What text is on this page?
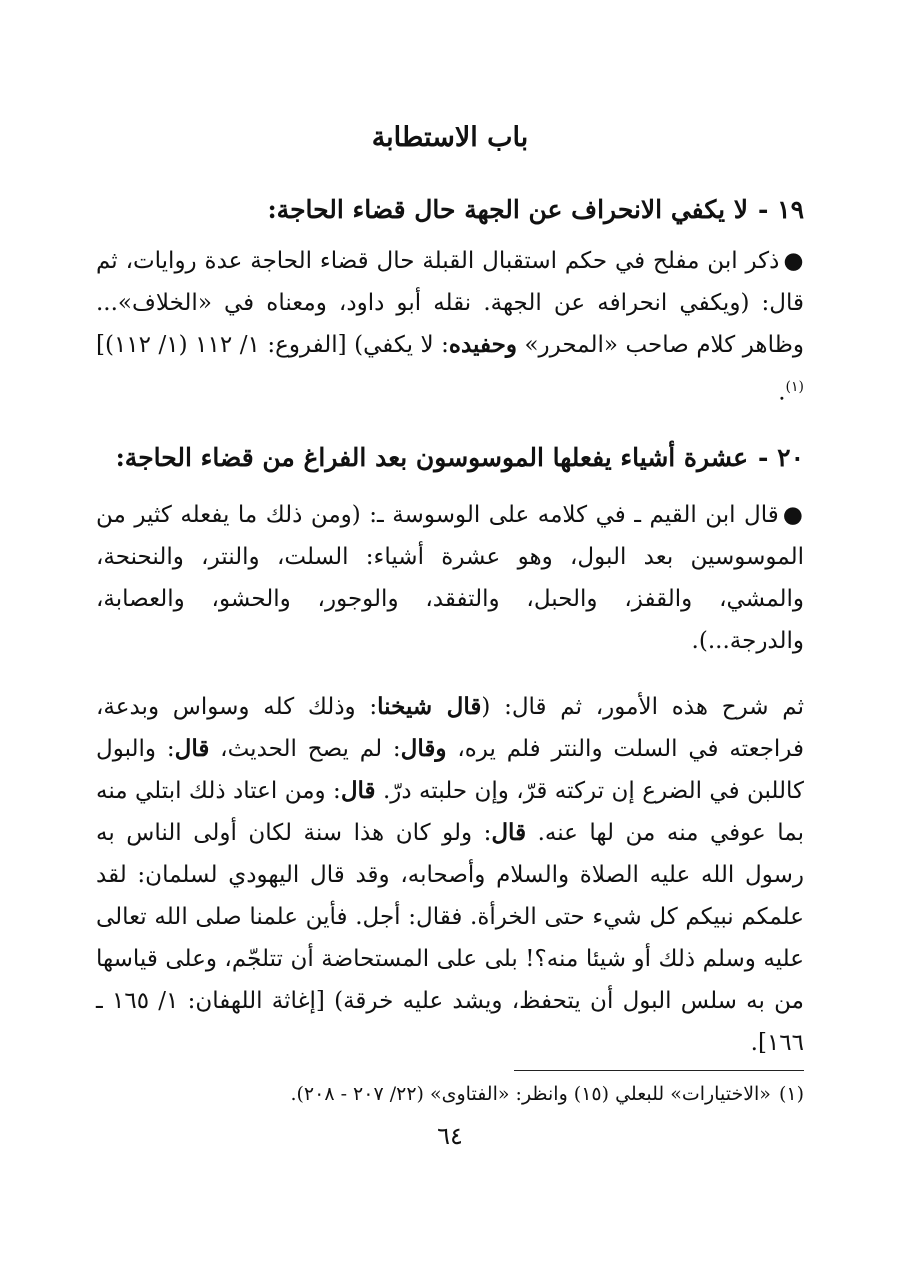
باب الاستطابة
١٩ -لا يكفي الانحراف عن الجهة حال قضاء الحاجة:

●ذكر ابن مفلح في حكم استقبال القبلة حال قضاء الحاجة عدة روايات، ثم قال: (ويكفي انحرافه عن الجهة. نقله أبو داود، ومعناه في «الخلاف»... وظاهر كلام صاحب «المحرر» وحفيده: لا يكفي) [الفروع: ١/ ١١٢ (١/ ١١٢)]$^{(١)}$.

٢٠ -عشرة أشياء يفعلها الموسوسون بعد الفراغ من قضاء الحاجة:

●قال ابن القيم ـ في كلامه على الوسوسة ـ: (ومن ذلك ما يفعله كثير من الموسوسين بعد البول، وهو عشرة أشياء: السلت، والنتر، والنحنحة، والمشي، والقفز، والحبل، والتفقد، والوجور، والحشو، والعصابة، والدرجة...).

ثم شرح هذه الأمور، ثم قال: (قال شيخنا: وذلك كله وسواس وبدعة، فراجعته في السلت والنتر فلم يره، وقال: لم يصح الحديث، قال: والبول كاللبن في الضرع إن تركته قرّ، وإن حلبته درّ. قال: ومن اعتاد ذلك ابتلي منه بما عوفي منه من لها عنه. قال: ولو كان هذا سنة لكان أولى الناس به رسول الله عليه الصلاة والسلام وأصحابه، وقد قال اليهودي لسلمان: لقد علمكم نبيكم كل شيء حتى الخرأة. فقال: أجل. فأين علمنا صلى الله تعالى عليه وسلم ذلك أو شيئا منه؟! بلى على المستحاضة أن تتلجّم، وعلى قياسها من به سلس البول أن يتحفظ، ويشد عليه خرقة) [إغاثة اللهفان: ١/ ١٦٥ ـ ١٦٦].

(١)«الاختيارات» للبعلي (١٥) وانظر: «الفتاوى» (٢٢/ ٢٠٧ - ٢٠٨).

٦٤
